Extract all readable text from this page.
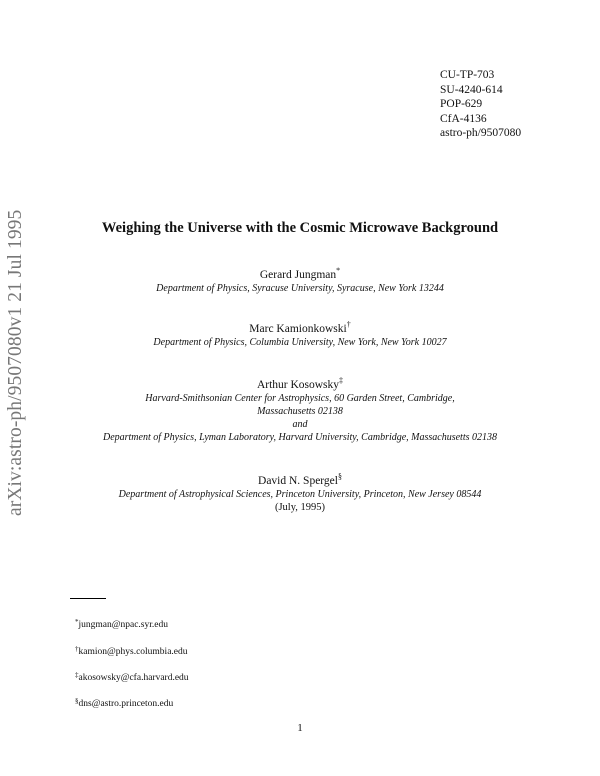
arXiv:astro-ph/9507080v1 21 Jul 1995
CU-TP-703
SU-4240-614
POP-629
CfA-4136
astro-ph/9507080
Weighing the Universe with the Cosmic Microwave Background
Gerard Jungman*
Department of Physics, Syracuse University, Syracuse, New York 13244
Marc Kamionkowski†
Department of Physics, Columbia University, New York, New York 10027
Arthur Kosowsky‡
Harvard-Smithsonian Center for Astrophysics, 60 Garden Street, Cambridge,
Massachusetts 02138
and
Department of Physics, Lyman Laboratory, Harvard University, Cambridge, Massachusetts 02138
David N. Spergel§
Department of Astrophysical Sciences, Princeton University, Princeton, New Jersey 08544
(July, 1995)
*jungman@npac.syr.edu
†kamion@phys.columbia.edu
‡akosowsky@cfa.harvard.edu
§dns@astro.princeton.edu
1
